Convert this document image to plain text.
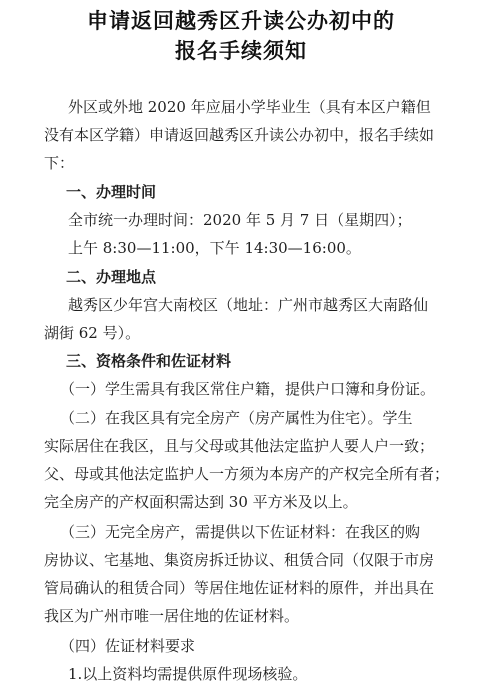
申请返回越秀区升读公办初中的
报名手续须知
外区或外地 2020 年应届小学毕业生（具有本区户籍但
没有本区学籍）申请返回越秀区升读公办初中，报名手续如
下：
一、办理时间
全市统一办理时间：2020 年 5 月 7 日（星期四）；
上午 8:30—11:00，下午 14:30—16:00。
二、办理地点
越秀区少年宫大南校区（地址：广州市越秀区大南路仙
湖街 62 号）。
三、资格条件和佐证材料
（一）学生需具有我区常住户籍，提供户口簿和身份证。
（二）在我区具有完全房产（房产属性为住宅）。学生
实际居住在我区，且与父母或其他法定监护人要人户一致；
父、母或其他法定监护人一方须为本房产的产权完全所有者；
完全房产的产权面积需达到 30 平方米及以上。
（三）无完全房产，需提供以下佐证材料：在我区的购
房协议、宅基地、集资房拆迁协议、租赁合同（仅限于市房
管局确认的租赁合同）等居住地佐证材料的原件，并出具在
我区为广州市唯一居住地的佐证材料。
（四）佐证材料要求
1.以上资料均需提供原件现场核验。
